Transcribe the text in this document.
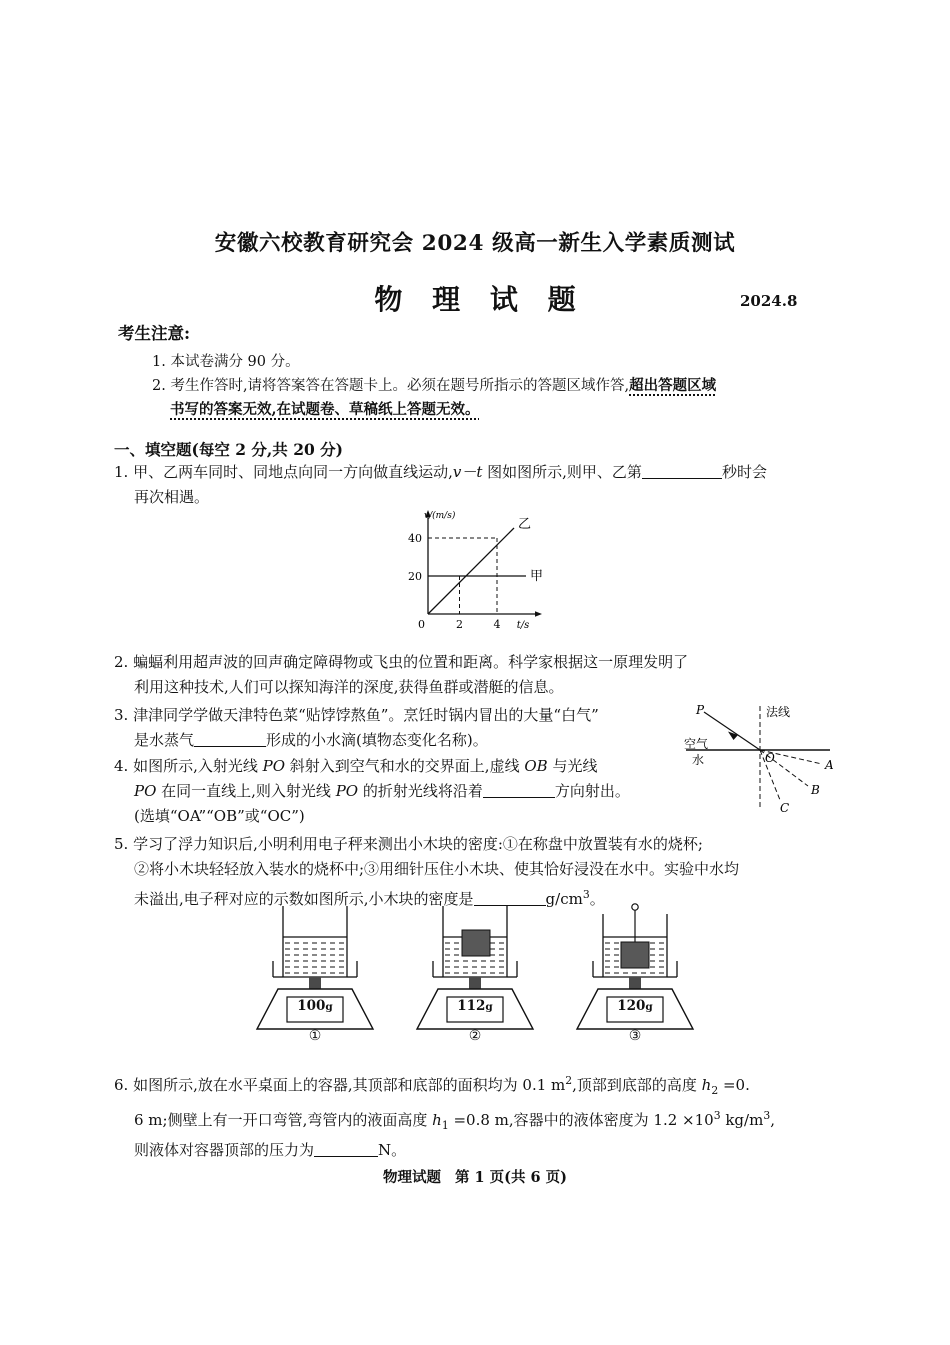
安徽六校教育研究会 2024 级高一新生入学素质测试
物 理 试 题	2024.8
考生注意:
1. 本试卷满分 90 分。
2. 考生作答时,请将答案答在答题卡上。必须在题号所指示的答题区域作答,超出答题区域
书写的答案无效,在试题卷、草稿纸上答题无效。
一、填空题(每空 2 分,共 20 分)
1. 甲、乙两车同时、同地点向同一方向做直线运动,v－t 图如图所示,则甲、乙第	秒时会
再次相遇。
v/(m/s)
40
20
0	2	4 t/s
乙
甲
2. 蝙蝠利用超声波的回声确定障碍物或飞虫的位置和距离。科学家根据这一原理发明了
利用这种技术,人们可以探知海洋的深度,获得鱼群或潜艇的信息。
3. 津津同学学做天津特色菜“贴饽饽熬鱼”。烹饪时锅内冒出的大量“白气”
是水蒸气	形成的小水滴(填物态变化名称)。
P
O	A
B
C
法线
空气
水
4. 如图所示,入射光线 PO 斜射入到空气和水的交界面上,虚线 OB 与光线
PO 在同一直线上,则入射光线 PO 的折射光线将沿着	方向射出。
(选填“OA”“OB”或“OC”)
5. 学习了浮力知识后,小明利用电子秤来测出小木块的密度:①在称盘中放置装有水的烧杯;
②将小木块轻轻放入装水的烧杯中;③用细针压住小木块、使其恰好浸没在水中。实验中水均
未溢出,电子秤对应的示数如图所示,小木块的密度是	$g/cm^3$。
100g
①
112g
②
120g
③
6. 如图所示,放在水平桌面上的容器,其顶部和底部的面积均为 0.1 $m^2$,顶部到底部的高度 $h_2 =0$.
6 m;侧壁上有一开口弯管,弯管内的液面高度 $h_1 =0.8$ m,容器中的液体密度为 $1.2 \times 10^3$ $kg/m^3$,
则液体对容器顶部的压力为	N。
物理试题 第 1 页(共 6 页)
